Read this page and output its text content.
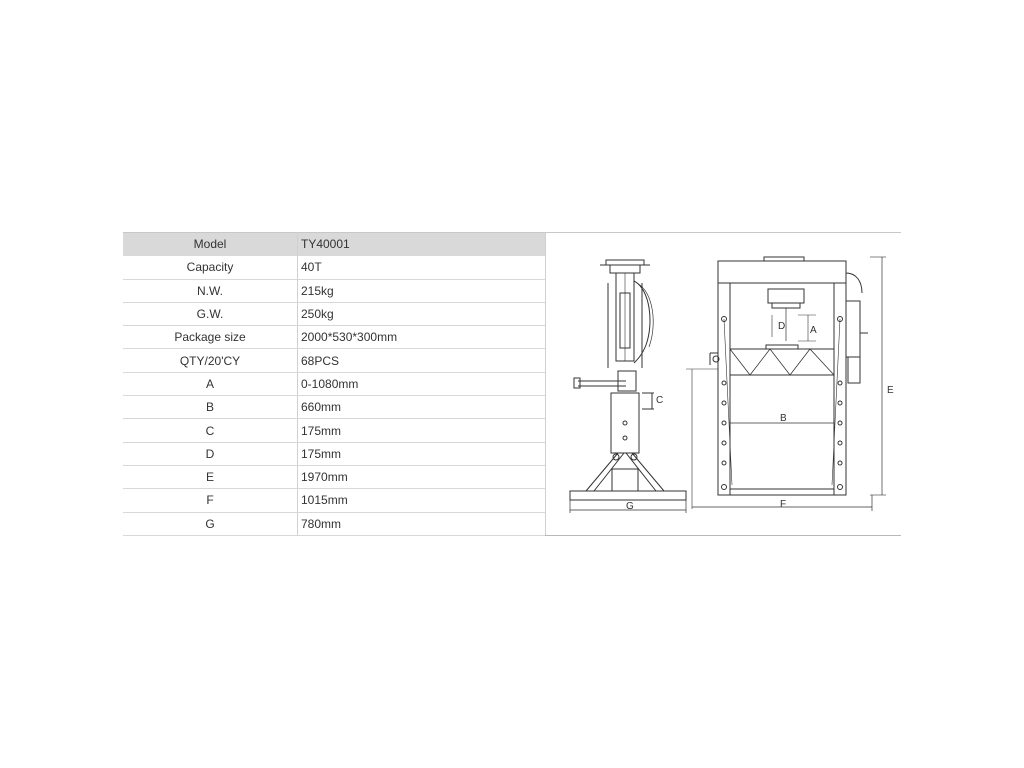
Model	TY40001
Capacity	40T
N.W.	215kg
G.W.	250kg
Package size	2000*530*300mm
QTY/20'CY	68PCS
A	0-1080mm
B	660mm
C	175mm
D	175mm
E	1970mm
F	1015mm
G	780mm
D A
B
C
E
F
G
